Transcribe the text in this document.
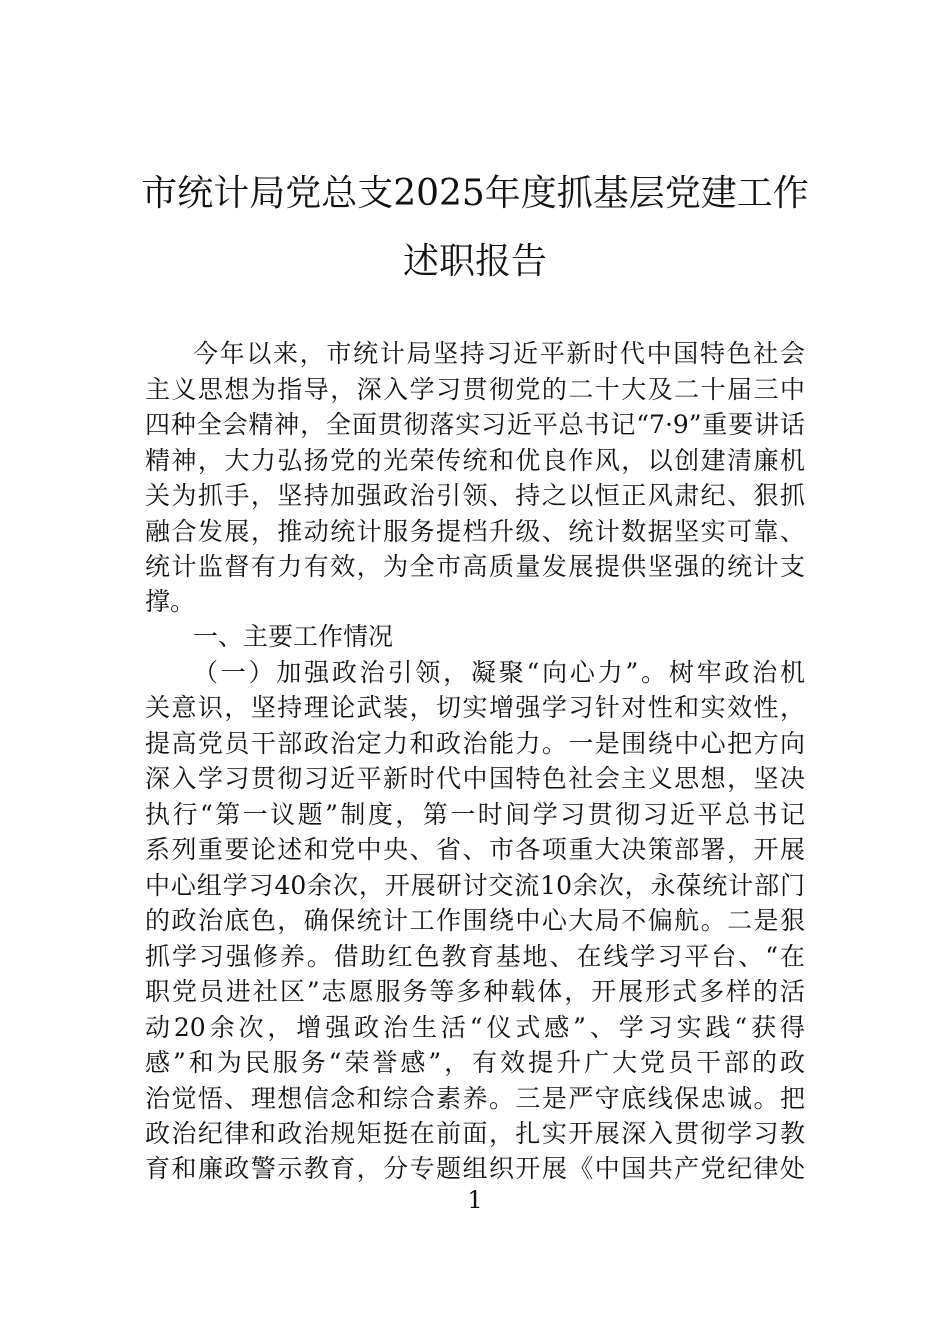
市统计局党总支2025年度抓基层党建工作
述职报告
今年以来，市统计局坚持习近平新时代中国特色社会
主义思想为指导，深入学习贯彻党的二十大及二十届三中
四种全会精神，全面贯彻落实习近平总书记“7·9”重要讲话
精神，大力弘扬党的光荣传统和优良作风，以创建清廉机
关为抓手，坚持加强政治引领、持之以恒正风肃纪、狠抓
融合发展，推动统计服务提档升级、统计数据坚实可靠、
统计监督有力有效，为全市高质量发展提供坚强的统计支
撑。
一、主要工作情况
（一）加强政治引领，凝聚“向心力”。树牢政治机
关意识，坚持理论武装，切实增强学习针对性和实效性，
提高党员干部政治定力和政治能力。一是围绕中心把方向
深入学习贯彻习近平新时代中国特色社会主义思想，坚决
执行“第一议题”制度，第一时间学习贯彻习近平总书记
系列重要论述和党中央、省、市各项重大决策部署，开展
中心组学习40余次，开展研讨交流10余次，永葆统计部门
的政治底色，确保统计工作围绕中心大局不偏航。二是狠
抓学习强修养。借助红色教育基地、在线学习平台、“在
职党员进社区”志愿服务等多种载体，开展形式多样的活
动20余次，增强政治生活“仪式感”、学习实践“获得
感”和为民服务“荣誉感”，有效提升广大党员干部的政
治觉悟、理想信念和综合素养。三是严守底线保忠诚。把
政治纪律和政治规矩挺在前面，扎实开展深入贯彻学习教
育和廉政警示教育，分专题组织开展《中国共产党纪律处
1
